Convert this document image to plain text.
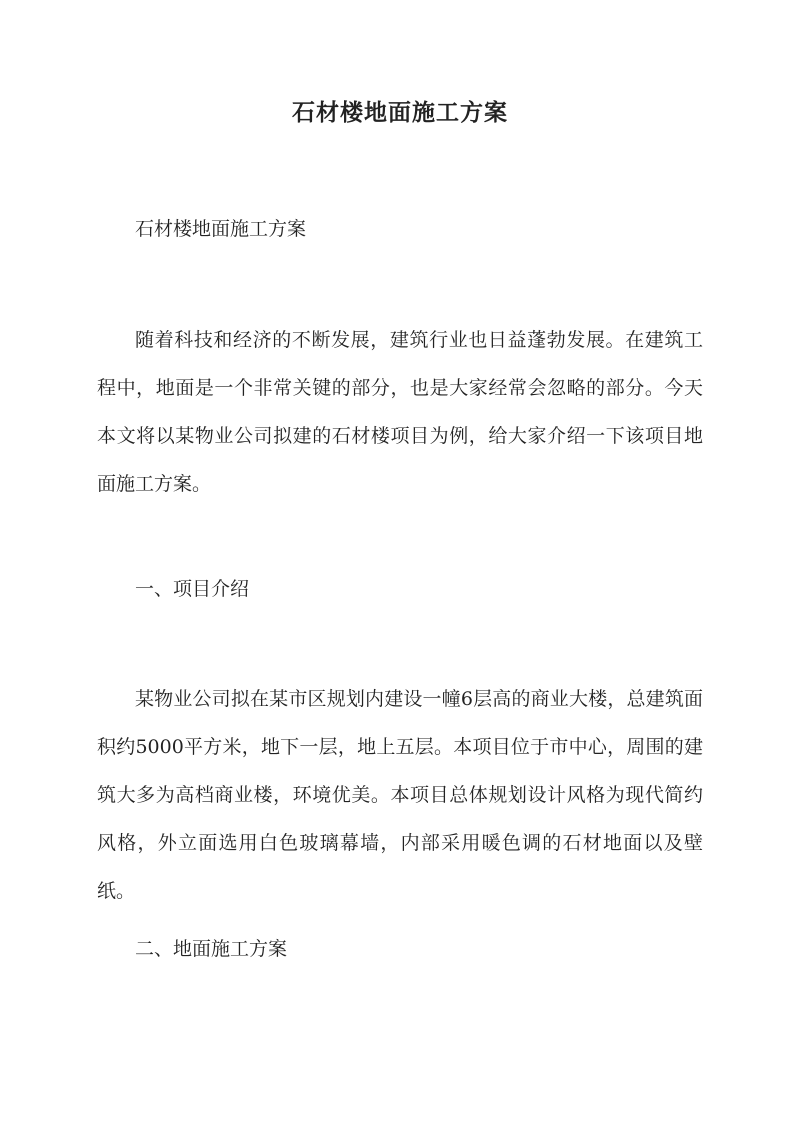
石材楼地面施工方案

石材楼地面施工方案

随着科技和经济的不断发展，建筑行业也日益蓬勃发展。在建筑工程中，地面是一个非常关键的部分，也是大家经常会忽略的部分。今天本文将以某物业公司拟建的石材楼项目为例，给大家介绍一下该项目地面施工方案。

一、项目介绍

某物业公司拟在某市区规划内建设一幢6层高的商业大楼，总建筑面积约5000平方米，地下一层，地上五层。本项目位于市中心，周围的建筑大多为高档商业楼，环境优美。本项目总体规划设计风格为现代简约风格，外立面选用白色玻璃幕墙，内部采用暖色调的石材地面以及壁纸。

二、地面施工方案
